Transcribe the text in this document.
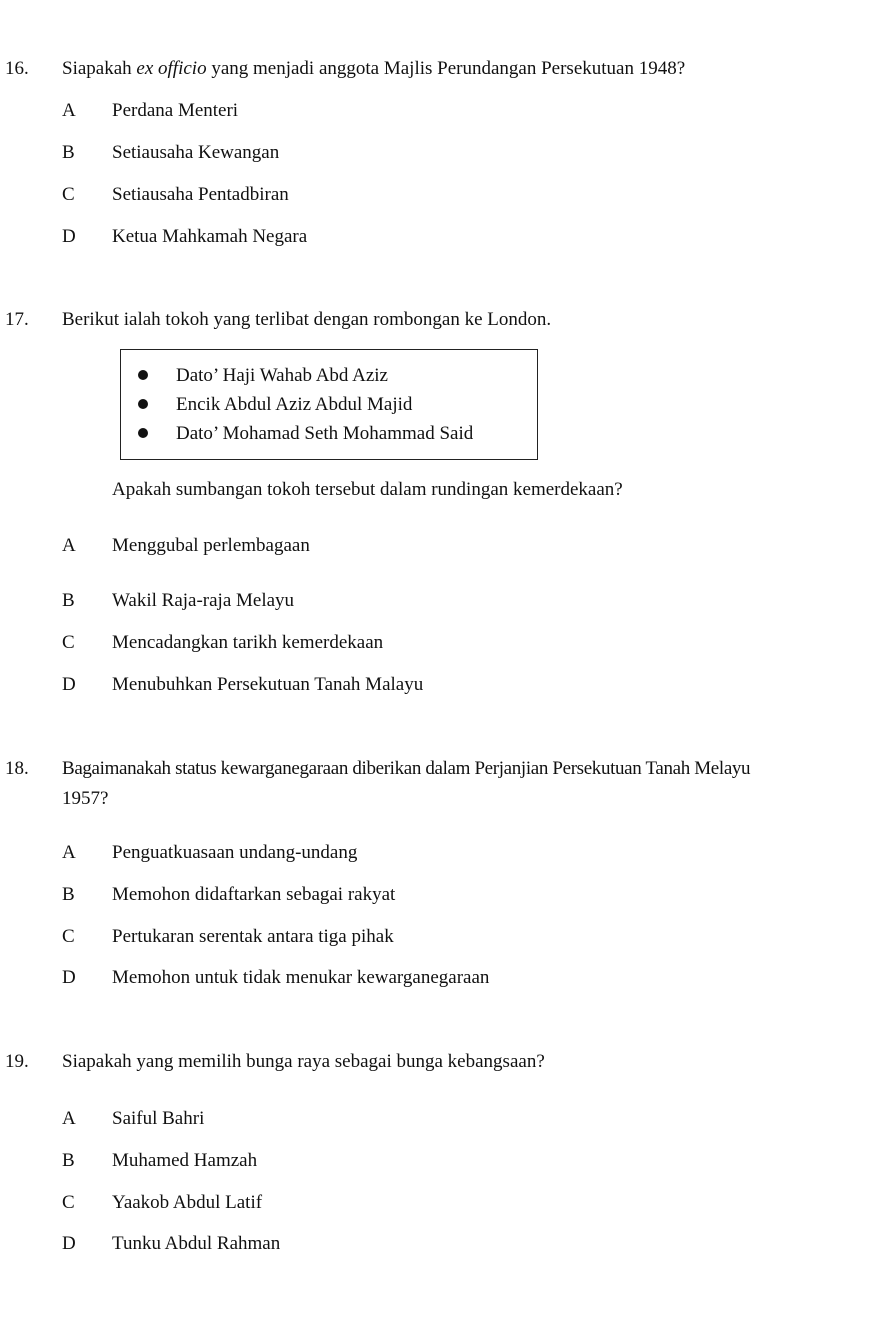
16. Siapakah ex officio yang menjadi anggota Majlis Perundangan Persekutuan 1948?
A Perdana Menteri
B Setiausaha Kewangan
C Setiausaha Pentadbiran
D Ketua Mahkamah Negara
17. Berikut ialah tokoh yang terlibat dengan rombongan ke London.
Dato’ Haji Wahab Abd Aziz
Encik Abdul Aziz Abdul Majid
Dato’ Mohamad Seth Mohammad Said
Apakah sumbangan tokoh tersebut dalam rundingan kemerdekaan?
A Menggubal perlembagaan
B Wakil Raja-raja Melayu
C Mencadangkan tarikh kemerdekaan
D Menubuhkan Persekutuan Tanah Malayu
18. Bagaimanakah status kewarganegaraan diberikan dalam Perjanjian Persekutuan Tanah Melayu
1957?
A Penguatkuasaan undang-undang
B Memohon didaftarkan sebagai rakyat
C Pertukaran serentak antara tiga pihak
D Memohon untuk tidak menukar kewarganegaraan
19. Siapakah yang memilih bunga raya sebagai bunga kebangsaan?
A Saiful Bahri
B Muhamed Hamzah
C Yaakob Abdul Latif
D Tunku Abdul Rahman
